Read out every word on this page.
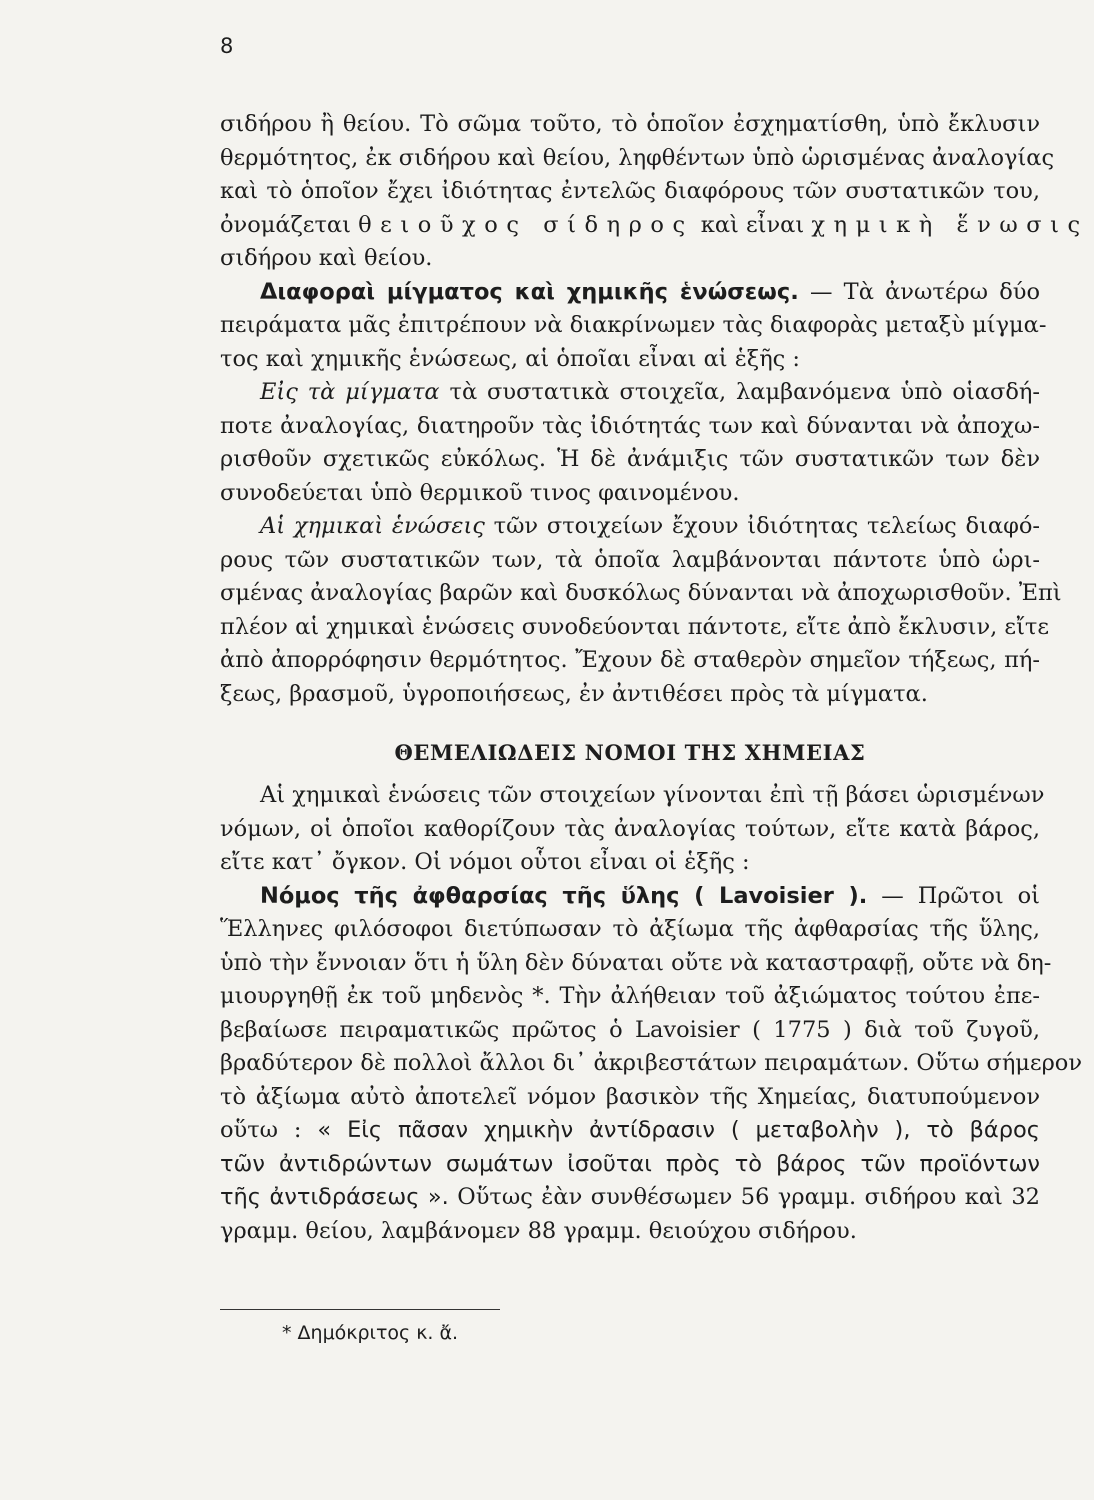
8
σιδήρου ἢ θείου. Τὸ σῶμα τοῦτο, τὸ ὁποῖον ἐσχηματίσθη, ὑπὸ ἔκλυσιν
θερμότητος, ἐκ σιδήρου καὶ θείου, ληφθέντων ὑπὸ ὡρισμένας ἀναλογίας
καὶ τὸ ὁποῖον ἔχει ἰδιότητας ἐντελῶς διαφόρους τῶν συστατικῶν του,
ὀνομάζεται θειοῦχος σίδηρος καὶ εἶναι χημικὴ ἕνωσις
σιδήρου καὶ θείου.
Διαφοραὶ μίγματος καὶ χημικῆς ἑνώσεως. — Τὰ ἀνωτέρω δύο
πειράματα μᾶς ἐπιτρέπουν νὰ διακρίνωμεν τὰς διαφορὰς μεταξὺ μίγμα-
τος καὶ χημικῆς ἑνώσεως, αἱ ὁποῖαι εἶναι αἱ ἑξῆς :
Εἰς τὰ μίγματα τὰ συστατικὰ στοιχεῖα, λαμβανόμενα ὑπὸ οἱασδή-
ποτε ἀναλογίας, διατηροῦν τὰς ἰδιότητάς των καὶ δύνανται νὰ ἀποχω-
ρισθοῦν σχετικῶς εὐκόλως. Ἡ δὲ ἀνάμιξις τῶν συστατικῶν των δὲν
συνοδεύεται ὑπὸ θερμικοῦ τινος φαινομένου.
Αἱ χημικαὶ ἑνώσεις τῶν στοιχείων ἔχουν ἰδιότητας τελείως διαφό-
ρους τῶν συστατικῶν των, τὰ ὁποῖα λαμβάνονται πάντοτε ὑπὸ ὡρι-
σμένας ἀναλογίας βαρῶν καὶ δυσκόλως δύνανται νὰ ἀποχωρισθοῦν. Ἐπὶ
πλέον αἱ χημικαὶ ἑνώσεις συνοδεύονται πάντοτε, εἴτε ἀπὸ ἔκλυσιν, εἴτε
ἀπὸ ἀπορρόφησιν θερμότητος. Ἔχουν δὲ σταθερὸν σημεῖον τήξεως, πή-
ξεως, βρασμοῦ, ὑγροποιήσεως, ἐν ἀντιθέσει πρὸς τὰ μίγματα.
ΘΕΜΕΛΙΩΔΕΙΣ ΝΟΜΟΙ ΤΗΣ ΧΗΜΕΙΑΣ
Αἱ χημικαὶ ἑνώσεις τῶν στοιχείων γίνονται ἐπὶ τῇ βάσει ὡρισμένων
νόμων, οἱ ὁποῖοι καθορίζουν τὰς ἀναλογίας τούτων, εἴτε κατὰ βάρος,
εἴτε κατ᾽ ὄγκον. Οἱ νόμοι οὗτοι εἶναι οἱ ἑξῆς :
Νόμος τῆς ἀφθαρσίας τῆς ὕλης ( Lavoisier ). — Πρῶτοι οἱ
Ἕλληνες φιλόσοφοι διετύπωσαν τὸ ἀξίωμα τῆς ἀφθαρσίας τῆς ὕλης,
ὑπὸ τὴν ἔννοιαν ὅτι ἡ ὕλη δὲν δύναται οὔτε νὰ καταστραφῇ, οὔτε νὰ δη-
μιουργηθῇ ἐκ τοῦ μηδενὸς *. Τὴν ἀλήθειαν τοῦ ἀξιώματος τούτου ἐπε-
βεβαίωσε πειραματικῶς πρῶτος ὁ Lavoisier ( 1775 ) διὰ τοῦ ζυγοῦ,
βραδύτερον δὲ πολλοὶ ἄλλοι δι᾽ ἀκριβεστάτων πειραμάτων. Οὕτω σήμερον
τὸ ἀξίωμα αὐτὸ ἀποτελεῖ νόμον βασικὸν τῆς Χημείας, διατυπούμενον
οὕτω : « Εἰς πᾶσαν χημικὴν ἀντίδρασιν ( μεταβολὴν ), τὸ βάρος
τῶν ἀντιδρώντων σωμάτων ἰσοῦται πρὸς τὸ βάρος τῶν προϊόντων
τῆς ἀντιδράσεως ». Οὕτως ἐὰν συνθέσωμεν 56 γραμμ. σιδήρου καὶ 32
γραμμ. θείου, λαμβάνομεν 88 γραμμ. θειούχου σιδήρου.
* Δημόκριτος κ. ἄ.
